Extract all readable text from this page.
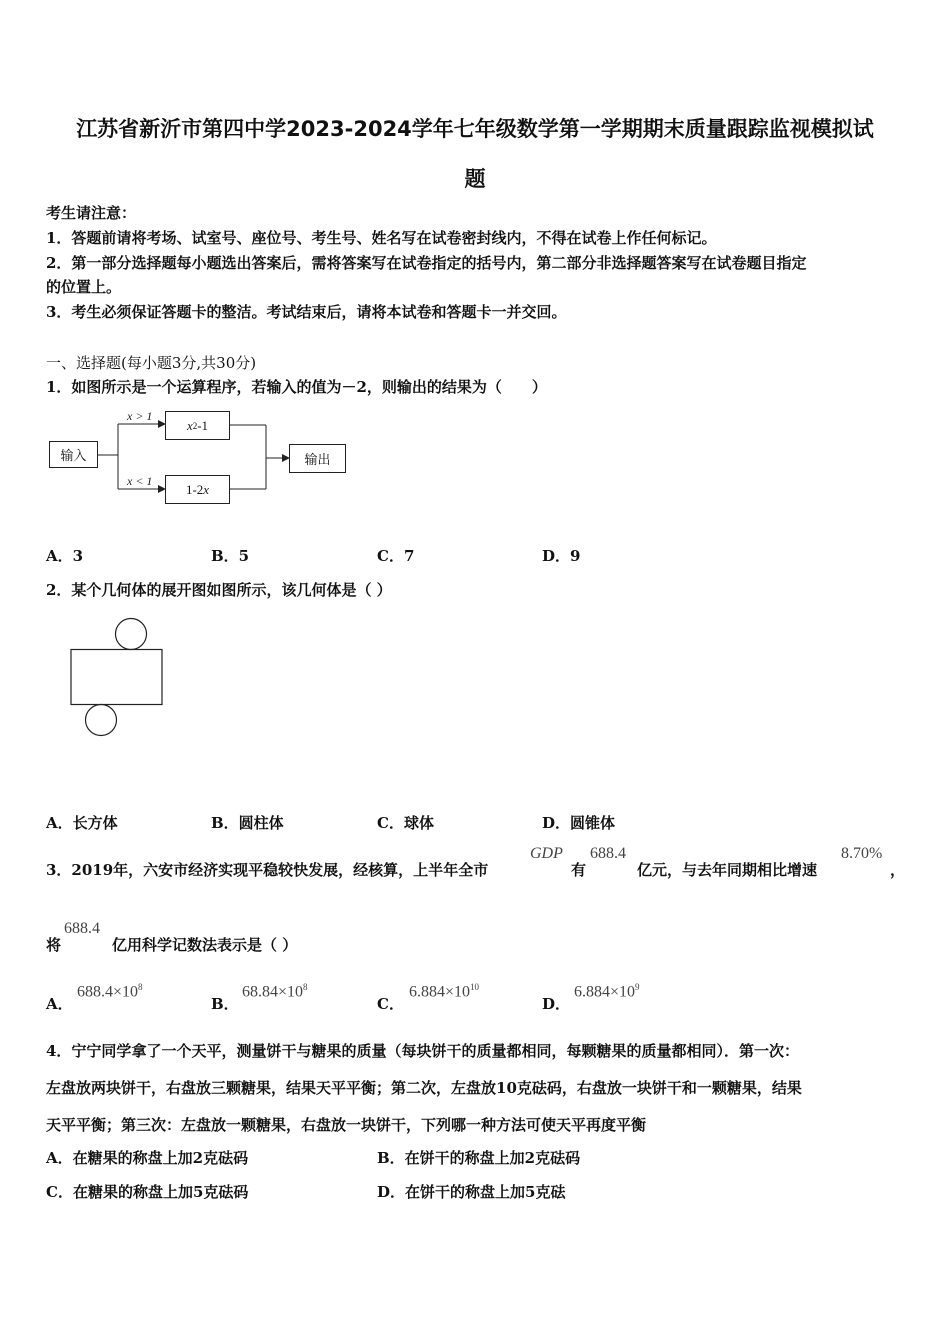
江苏省新沂市第四中学2023-2024学年七年级数学第一学期期末质量跟踪监视模拟试
题
考生请注意：
1．答题前请将考场、试室号、座位号、考生号、姓名写在试卷密封线内，不得在试卷上作任何标记。
2．第一部分选择题每小题选出答案后，需将答案写在试卷指定的括号内，第二部分非选择题答案写在试卷题目指定
的位置上。
3．考生必须保证答题卡的整洁。考试结束后，请将本试卷和答题卡一并交回。
一、选择题(每小题3分,共30分)
1．如图所示是一个运算程序，若输入的值为－2，则输出的结果为（　　）
输入	输出
x 2 -1
1-2 x
x > 1
x < 1
A．3	B．5	C．7	D．9
2．某个几何体的展开图如图所示，该几何体是（ ）
A．长方体	B．圆柱体	C．球体	D．圆锥体
3．2019年，六安市经济实现平稳较快发展，经核算，上半年全市
GDP
有
688.4
亿元，与去年同期相比增速
8.70%
，
将
688.4
亿用科学记数法表示是（ ）
A．
$688.4\times 10^8$
B．
$68.84\times 10^8$
C．
$6.884\times 10^{10}$
D．
$6.884\times 10^9$
4．宁宁同学拿了一个天平，测量饼干与糖果的质量（每块饼干的质量都相同，每颗糖果的质量都相同）．第一次：
左盘放两块饼干，右盘放三颗糖果，结果天平平衡；第二次，左盘放10克砝码，右盘放一块饼干和一颗糖果，结果
天平平衡；第三次：左盘放一颗糖果，右盘放一块饼干，下列哪一种方法可使天平再度平衡
A．在糖果的称盘上加2克砝码	B．在饼干的称盘上加2克砝码
C．在糖果的称盘上加5克砝码	D．在饼干的称盘上加5克砝
